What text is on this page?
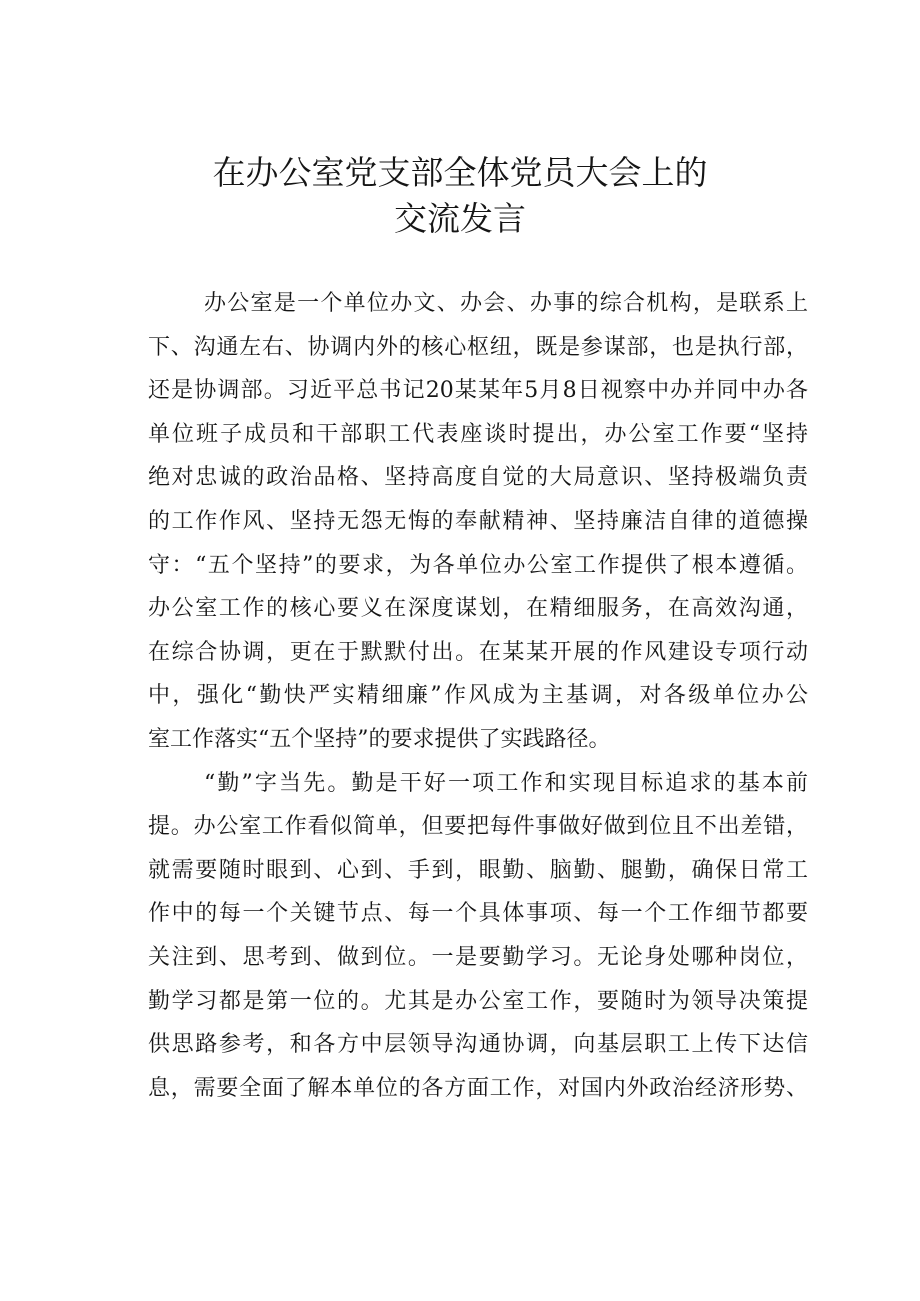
在办公室党支部全体党员大会上的
交流发言
办公室是一个单位办文、办会、办事的综合机构，是联系上
下、沟通左右、协调内外的核心枢纽，既是参谋部，也是执行部，
还是协调部。习近平总书记20某某年5月8日视察中办并同中办各
单位班子成员和干部职工代表座谈时提出，办公室工作要“坚持
绝对忠诚的政治品格、坚持高度自觉的大局意识、坚持极端负责
的工作作风、坚持无怨无悔的奉献精神、坚持廉洁自律的道德操
守：“五个坚持”的要求，为各单位办公室工作提供了根本遵循。
办公室工作的核心要义在深度谋划，在精细服务，在高效沟通，
在综合协调，更在于默默付出。在某某开展的作风建设专项行动
中，强化“勤快严实精细廉”作风成为主基调，对各级单位办公
室工作落实“五个坚持”的要求提供了实践路径。
“勤”字当先。勤是干好一项工作和实现目标追求的基本前
提。办公室工作看似简单，但要把每件事做好做到位且不出差错，
就需要随时眼到、心到、手到，眼勤、脑勤、腿勤，确保日常工
作中的每一个关键节点、每一个具体事项、每一个工作细节都要
关注到、思考到、做到位。一是要勤学习。无论身处哪种岗位，
勤学习都是第一位的。尤其是办公室工作，要随时为领导决策提
供思路参考，和各方中层领导沟通协调，向基层职工上传下达信
息，需要全面了解本单位的各方面工作，对国内外政治经济形势、
